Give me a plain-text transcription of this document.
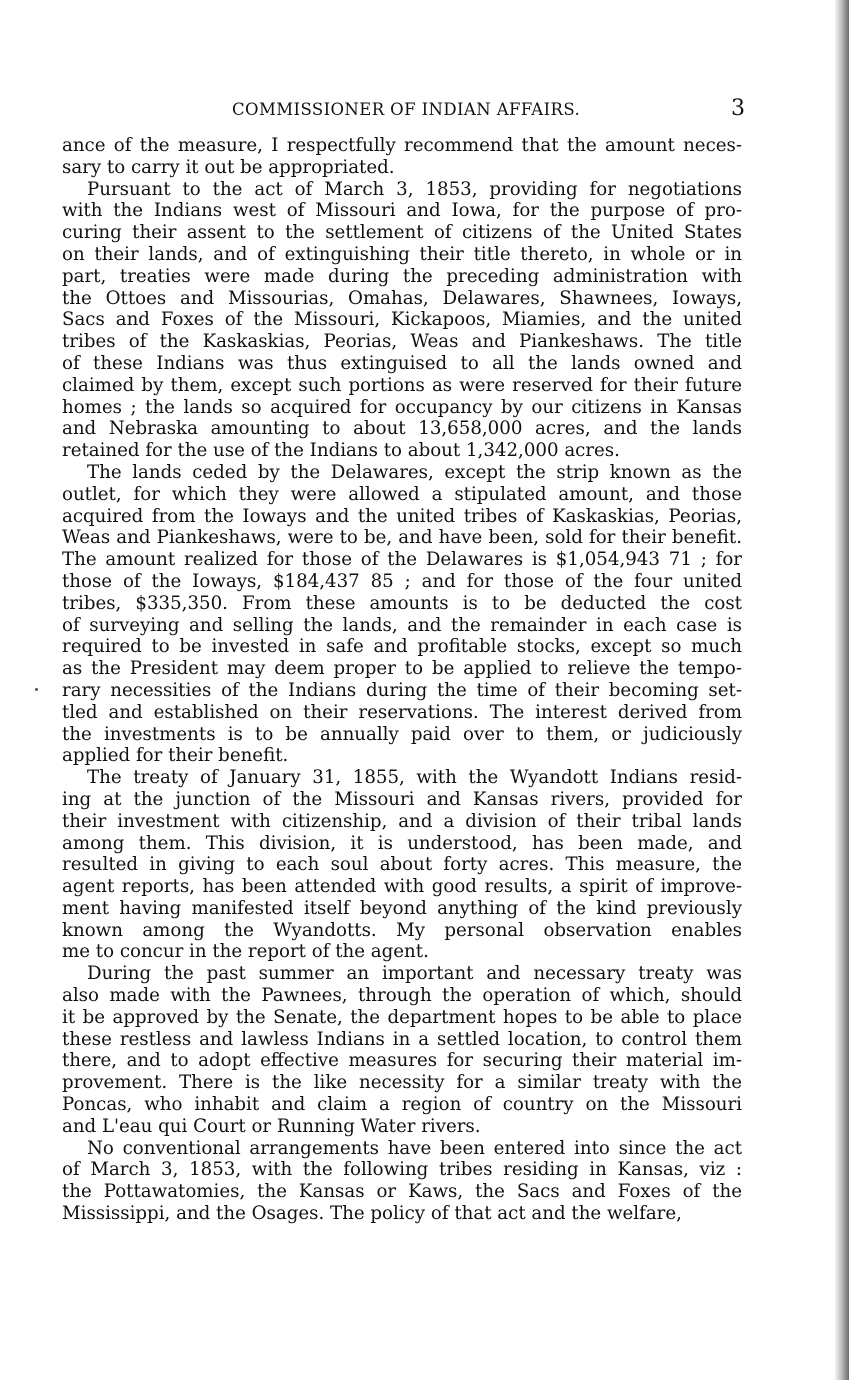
COMMISSIONER OF INDIAN AFFAIRS.	3
ance of the measure, I respectfully recommend that the amount neces-
sary to carry it out be appropriated.
Pursuant to the act of March 3, 1853, providing for negotiations
with the Indians west of Missouri and Iowa, for the purpose of pro-
curing their assent to the settlement of citizens of the United States
on their lands, and of extinguishing their title thereto, in whole or in
part, treaties were made during the preceding administration with
the Ottoes and Missourias, Omahas, Delawares, Shawnees, Ioways,
Sacs and Foxes of the Missouri, Kickapoos, Miamies, and the united
tribes of the Kaskaskias, Peorias, Weas and Piankeshaws. The title
of these Indians was thus extinguised to all the lands owned and
claimed by them, except such portions as were reserved for their future
homes ; the lands so acquired for occupancy by our citizens in Kansas
and Nebraska amounting to about 13,658,000 acres, and the lands
retained for the use of the Indians to about 1,342,000 acres.
The lands ceded by the Delawares, except the strip known as the
outlet, for which they were allowed a stipulated amount, and those
acquired from the Ioways and the united tribes of Kaskaskias, Peorias,
Weas and Piankeshaws, were to be, and have been, sold for their benefit.
The amount realized for those of the Delawares is $1,054,943 71 ; for
those of the Ioways, $184,437 85 ; and for those of the four united
tribes, $335,350. From these amounts is to be deducted the cost
of surveying and selling the lands, and the remainder in each case is
required to be invested in safe and profitable stocks, except so much
as the President may deem proper to be applied to relieve the tempo-
rary necessities of the Indians during the time of their becoming set-
tled and established on their reservations. The interest derived from
the investments is to be annually paid over to them, or judiciously
applied for their benefit.
The treaty of January 31, 1855, with the Wyandott Indians resid-
ing at the junction of the Missouri and Kansas rivers, provided for
their investment with citizenship, and a division of their tribal lands
among them. This division, it is understood, has been made, and
resulted in giving to each soul about forty acres. This measure, the
agent reports, has been attended with good results, a spirit of improve-
ment having manifested itself beyond anything of the kind previously
known among the Wyandotts. My personal observation enables
me to concur in the report of the agent.
During the past summer an important and necessary treaty was
also made with the Pawnees, through the operation of which, should
it be approved by the Senate, the department hopes to be able to place
these restless and lawless Indians in a settled location, to control them
there, and to adopt effective measures for securing their material im-
provement. There is the like necessity for a similar treaty with the
Poncas, who inhabit and claim a region of country on the Missouri
and L'eau qui Court or Running Water rivers.
No conventional arrangements have been entered into since the act
of March 3, 1853, with the following tribes residing in Kansas, viz :
the Pottawatomies, the Kansas or Kaws, the Sacs and Foxes of the
Mississippi, and the Osages. The policy of that act and the welfare,
